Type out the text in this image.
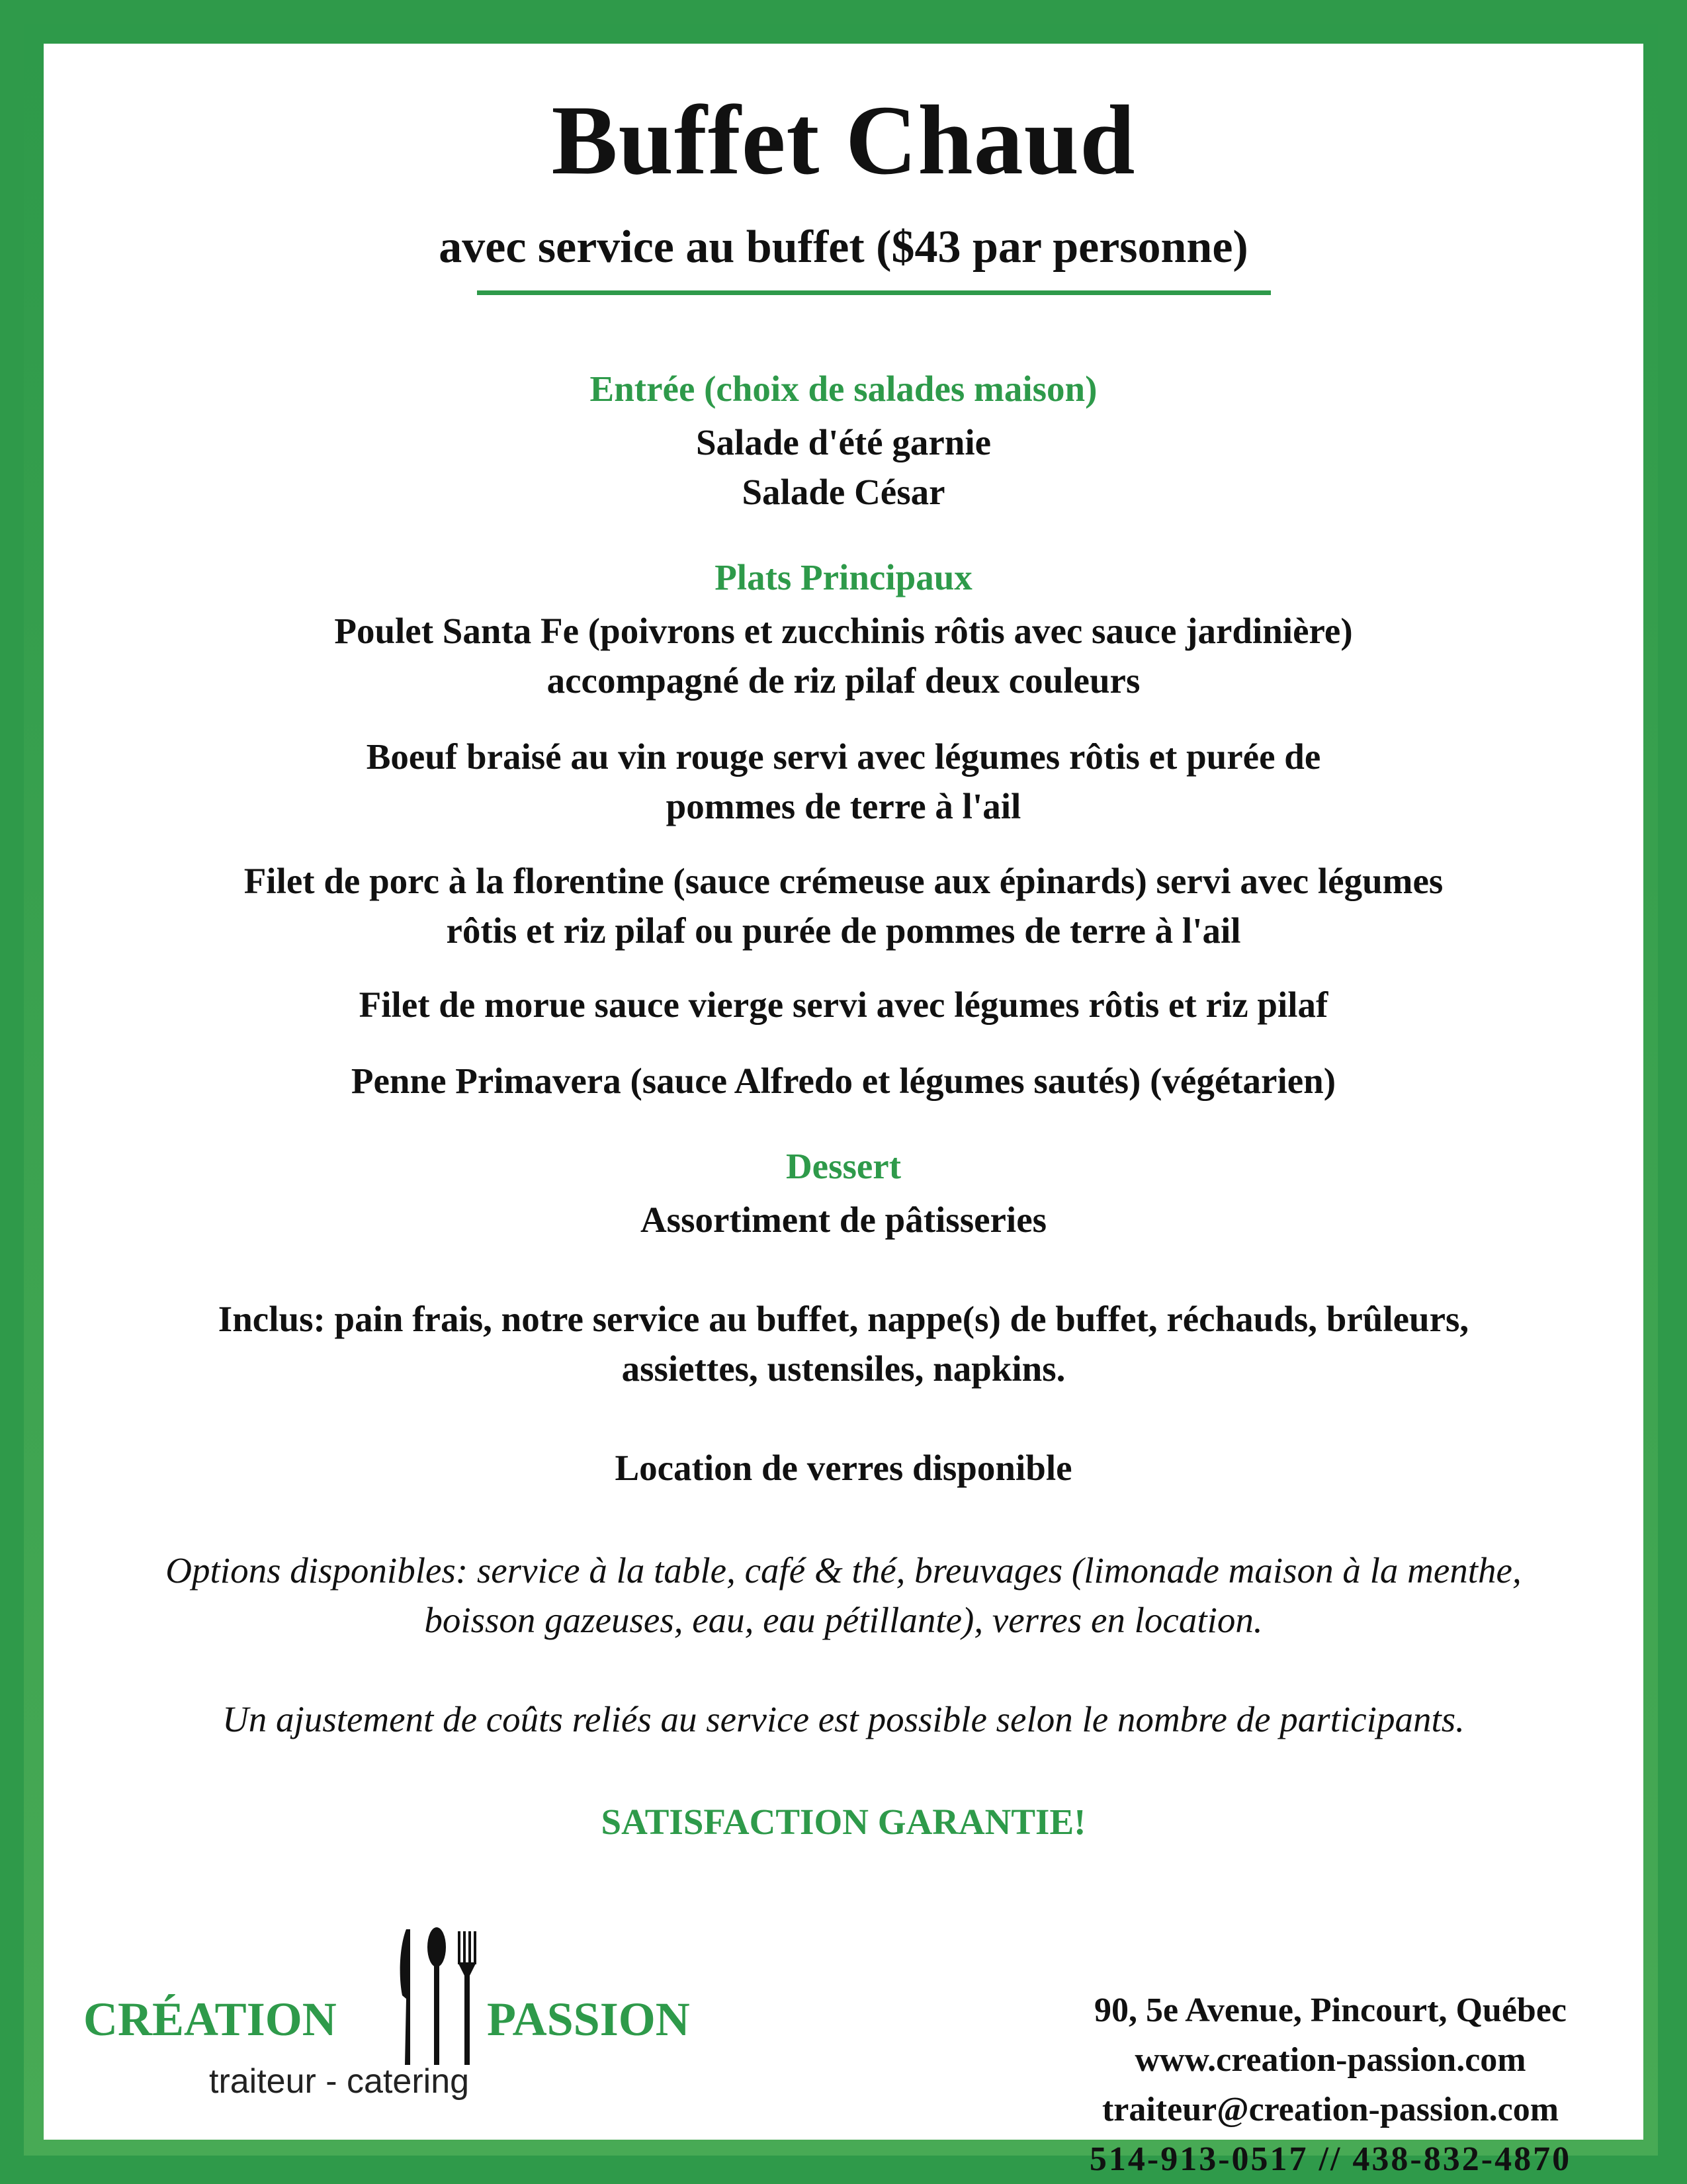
Buffet Chaud
avec service au buffet ($43 par personne)
Entrée (choix de salades maison)
Salade d'été garnie
Salade César
Plats Principaux
Poulet Santa Fe (poivrons et zucchinis rôtis avec sauce jardinière)
accompagné de riz pilaf deux couleurs
Boeuf braisé au vin rouge servi avec légumes rôtis et purée de
pommes de terre à l'ail
Filet de porc à la florentine (sauce crémeuse aux épinards) servi avec légumes
rôtis et riz pilaf ou purée de pommes de terre à l'ail
Filet de morue sauce vierge servi avec légumes rôtis et riz pilaf
Penne Primavera (sauce Alfredo et légumes sautés) (végétarien)
Dessert
Assortiment de pâtisseries
Inclus: pain frais, notre service au buffet, nappe(s) de buffet, réchauds, brûleurs,
assiettes, ustensiles, napkins.
Location de verres disponible
Options disponibles: service à la table, café & thé, breuvages (limonade maison à la menthe,
boisson gazeuses, eau, eau pétillante), verres en location.
Un ajustement de coûts reliés au service est possible selon le nombre de participants.
SATISFACTION GARANTIE!
CRÉATION	PASSION
traiteur - catering
90, 5e Avenue, Pincourt, Québec
www.creation-passion.com
traiteur@creation-passion.com
514-913-0517 // 438-832-4870
